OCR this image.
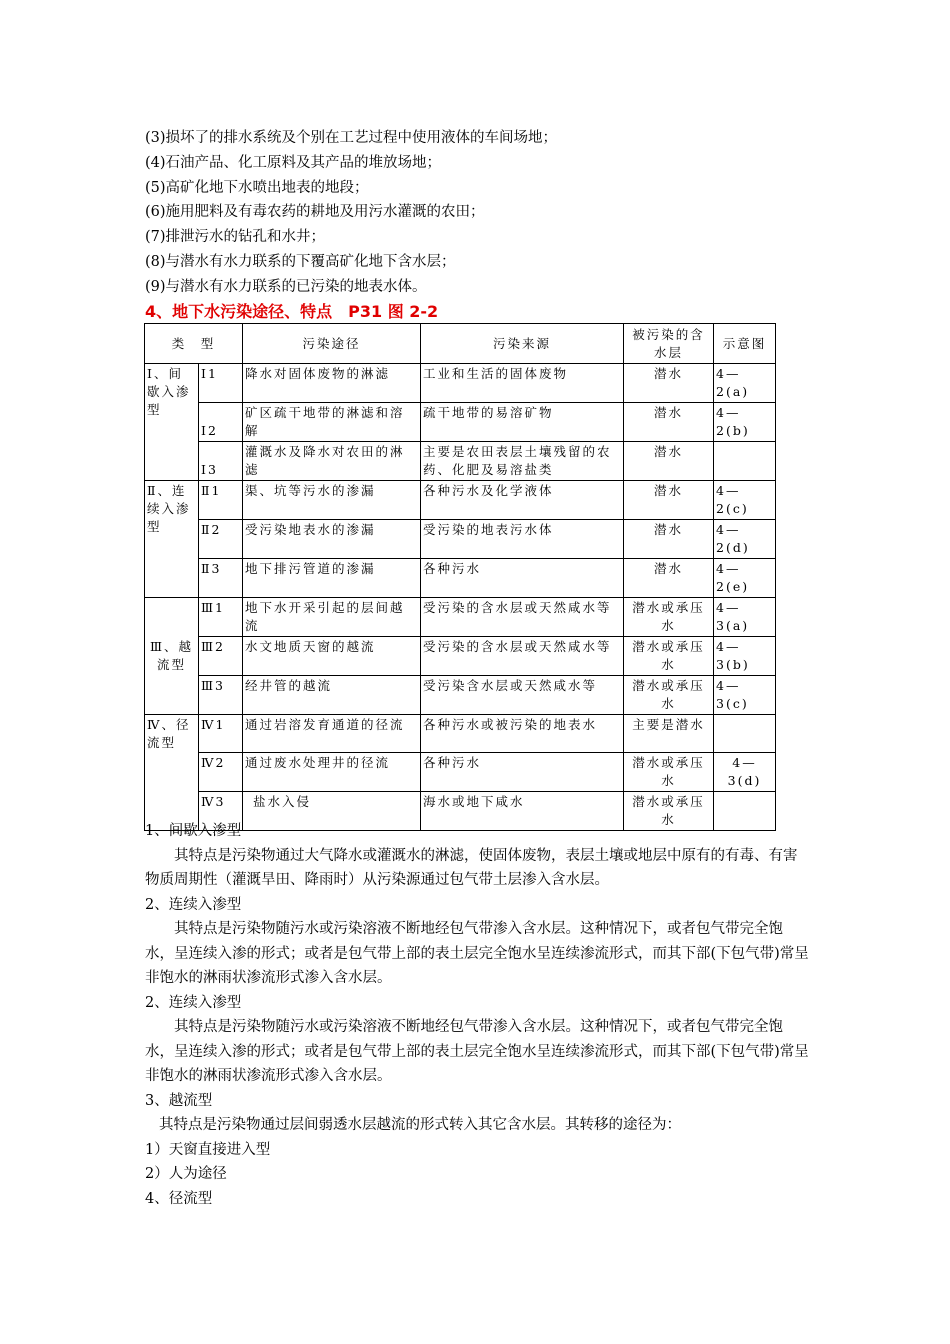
(3)损坏了的排水系统及个别在工艺过程中使用液体的车间场地；
(4)石油产品、化工原料及其产品的堆放场地；
(5)高矿化地下水喷出地表的地段；
(6)施用肥料及有毒农药的耕地及用污水灌溉的农田；
(7)排泄污水的钻孔和水井；
(8)与潜水有水力联系的下覆高矿化地下含水层；
(9)与潜水有水力联系的已污染的地表水体。
4、地下水污染途径、特点　P31 图 2-2
类　型		污染途径	污染来源	被污染的含水层	示意图
Ⅰ、间歇入渗型	Ⅰ1	降水对固体废物的淋滤	工业和生活的固体废物	潜水	4—2(a)
	Ⅰ2	矿区疏干地带的淋滤和溶解	疏干地带的易溶矿物	潜水	4—2(b)
	Ⅰ3	灌溉水及降水对农田的淋滤	主要是农田表层土壤残留的农药、化肥及易溶盐类	潜水	
Ⅱ、连续入渗型	Ⅱ1	渠、坑等污水的渗漏	各种污水及化学液体	潜水	4—2(c)
	Ⅱ2	受污染地表水的渗漏	受污染的地表污水体	潜水	4—2(d)
	Ⅱ3	地下排污管道的渗漏	各种污水	潜水	4—2(e)
Ⅲ、越流型	Ⅲ1	地下水开采引起的层间越流	受污染的含水层或天然咸水等	潜水或承压水	4—3(a)
	Ⅲ2	水文地质天窗的越流	受污染的含水层或天然咸水等	潜水或承压水	4—3(b)
	Ⅲ3	经井管的越流	受污染含水层或天然咸水等	潜水或承压水	4—3(c)
Ⅳ、径流型	Ⅳ1	通过岩溶发育通道的径流	各种污水或被污染的地表水	主要是潜水	
	Ⅳ2	通过废水处理井的径流	各种污水	潜水或承压水	4—3(d)
	Ⅳ3	盐水入侵	海水或地下咸水	潜水或承压水	
1、间歇入渗型
其特点是污染物通过大气降水或灌溉水的淋滤，使固体废物，表层土壤或地层中原有的有毒、有害物质周期性（灌溉旱田、降雨时）从污染源通过包气带土层渗入含水层。
2、连续入渗型
其特点是污染物随污水或污染溶液不断地经包气带渗入含水层。这种情况下，或者包气带完全饱水，呈连续入渗的形式；或者是包气带上部的表土层完全饱水呈连续渗流形式，而其下部(下包气带)常呈非饱水的淋雨状渗流形式渗入含水层。
2、连续入渗型
其特点是污染物随污水或污染溶液不断地经包气带渗入含水层。这种情况下，或者包气带完全饱水，呈连续入渗的形式；或者是包气带上部的表土层完全饱水呈连续渗流形式，而其下部(下包气带)常呈非饱水的淋雨状渗流形式渗入含水层。
3、越流型
其特点是污染物通过层间弱透水层越流的形式转入其它含水层。其转移的途径为：
1）天窗直接进入型
2）人为途径
4、径流型
